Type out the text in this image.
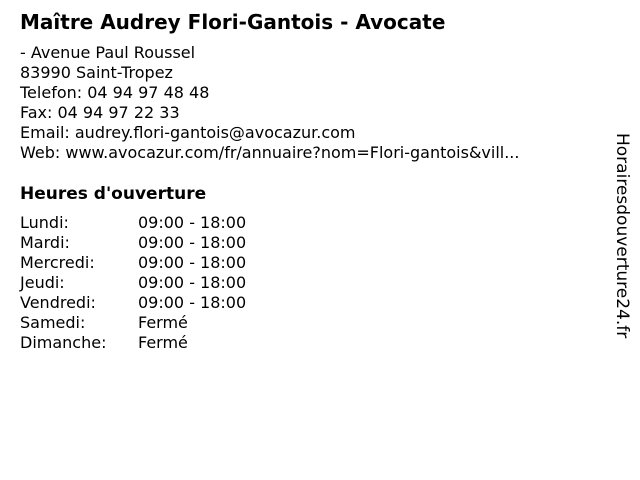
Maître Audrey Flori-Gantois - Avocate
- Avenue Paul Roussel
83990 Saint-Tropez
Telefon: 04 94 97 48 48
Fax: 04 94 97 22 33
Email: audrey.flori-gantois@avocazur.com
Web: www.avocazur.com/fr/annuaire?nom=Flori-gantois&vill...
Heures d'ouverture
Lundi:	09:00 - 18:00
Mardi:	09:00 - 18:00
Mercredi:	09:00 - 18:00
Jeudi:	09:00 - 18:00
Vendredi:	09:00 - 18:00
Samedi:	Fermé
Dimanche: Fermé
Horairesdouverture24.fr
